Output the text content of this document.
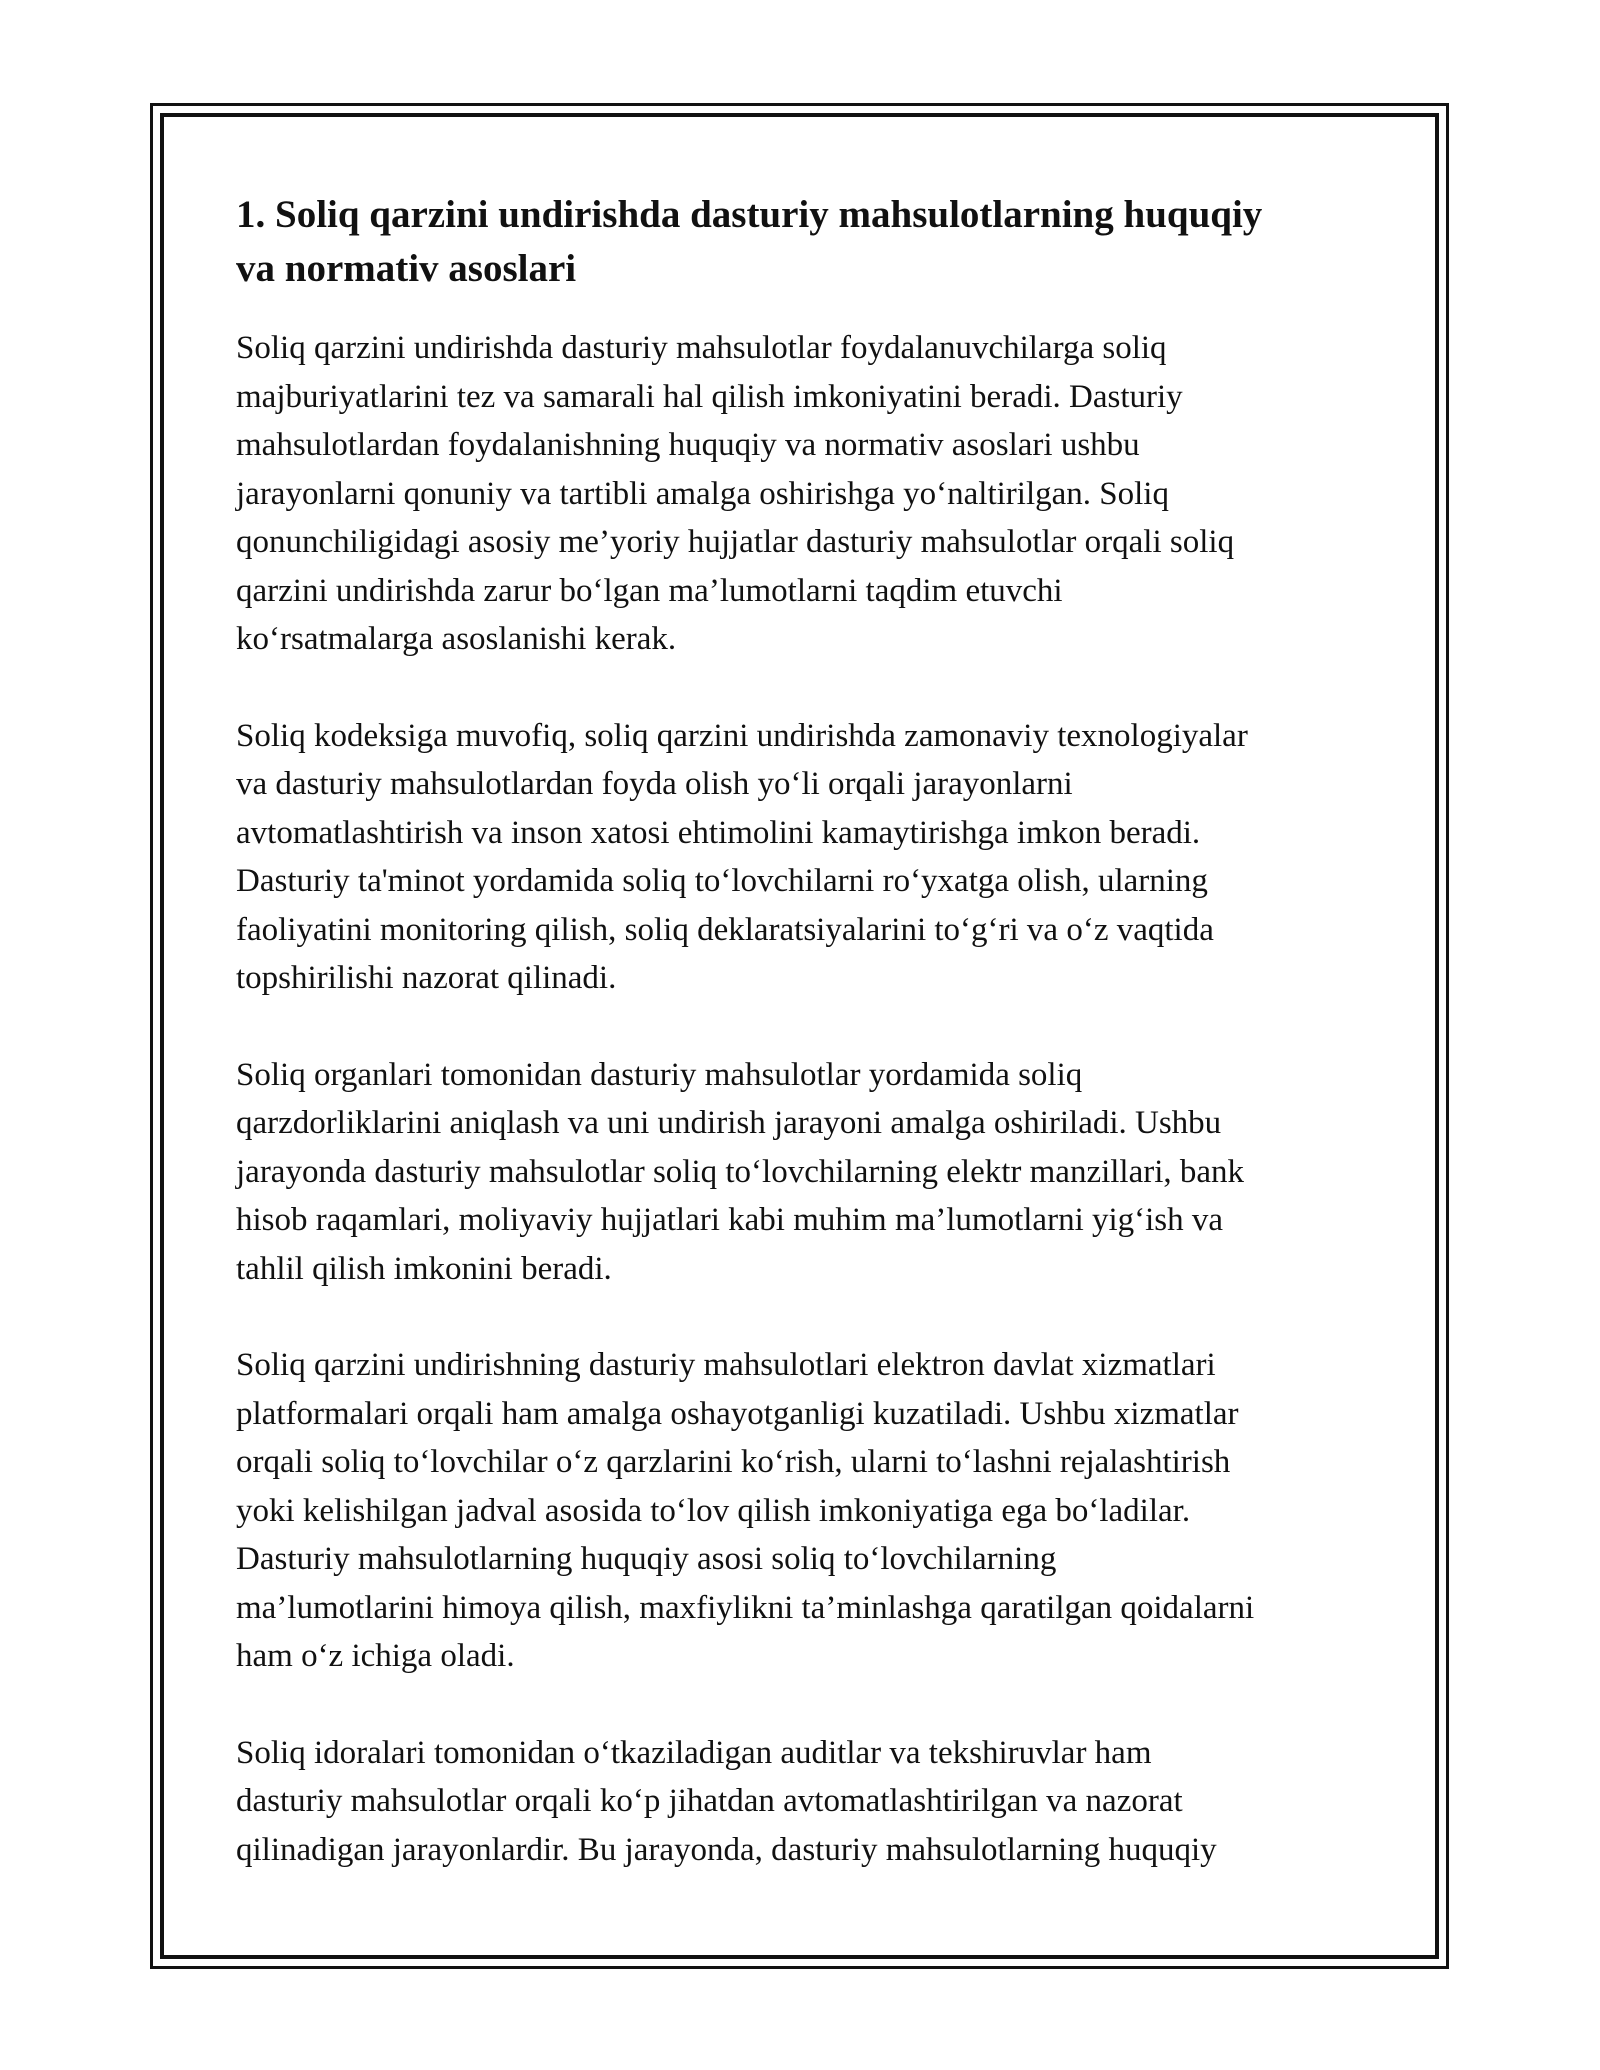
1. Soliq qarzini undirishda dasturiy mahsulotlarning huquqiy
va normativ asoslari

Soliq qarzini undirishda dasturiy mahsulotlar foydalanuvchilarga soliq
majburiyatlarini tez va samarali hal qilish imkoniyatini beradi. Dasturiy
mahsulotlardan foydalanishning huquqiy va normativ asoslari ushbu
jarayonlarni qonuniy va tartibli amalga oshirishga yoʻnaltirilgan. Soliq
qonunchiligidagi asosiy me’yoriy hujjatlar dasturiy mahsulotlar orqali soliq
qarzini undirishda zarur boʻlgan ma’lumotlarni taqdim etuvchi
koʻrsatmalarga asoslanishi kerak.

Soliq kodeksiga muvofiq, soliq qarzini undirishda zamonaviy texnologiyalar
va dasturiy mahsulotlardan foyda olish yoʻli orqali jarayonlarni
avtomatlashtirish va inson xatosi ehtimolini kamaytirishga imkon beradi.
Dasturiy ta'minot yordamida soliq toʻlovchilarni roʻyxatga olish, ularning
faoliyatini monitoring qilish, soliq deklaratsiyalarini toʻgʻri va oʻz vaqtida
topshirilishi nazorat qilinadi.

Soliq organlari tomonidan dasturiy mahsulotlar yordamida soliq
qarzdorliklarini aniqlash va uni undirish jarayoni amalga oshiriladi. Ushbu
jarayonda dasturiy mahsulotlar soliq toʻlovchilarning elektr manzillari, bank
hisob raqamlari, moliyaviy hujjatlari kabi muhim ma’lumotlarni yigʻish va
tahlil qilish imkonini beradi.

Soliq qarzini undirishning dasturiy mahsulotlari elektron davlat xizmatlari
platformalari orqali ham amalga oshayotganligi kuzatiladi. Ushbu xizmatlar
orqali soliq toʻlovchilar oʻz qarzlarini koʻrish, ularni toʻlashni rejalashtirish
yoki kelishilgan jadval asosida toʻlov qilish imkoniyatiga ega boʻladilar.
Dasturiy mahsulotlarning huquqiy asosi soliq toʻlovchilarning
ma’lumotlarini himoya qilish, maxfiylikni ta’minlashga qaratilgan qoidalarni
ham oʻz ichiga oladi.

Soliq idoralari tomonidan oʻtkaziladigan auditlar va tekshiruvlar ham
dasturiy mahsulotlar orqali koʻp jihatdan avtomatlashtirilgan va nazorat
qilinadigan jarayonlardir. Bu jarayonda, dasturiy mahsulotlarning huquqiy
